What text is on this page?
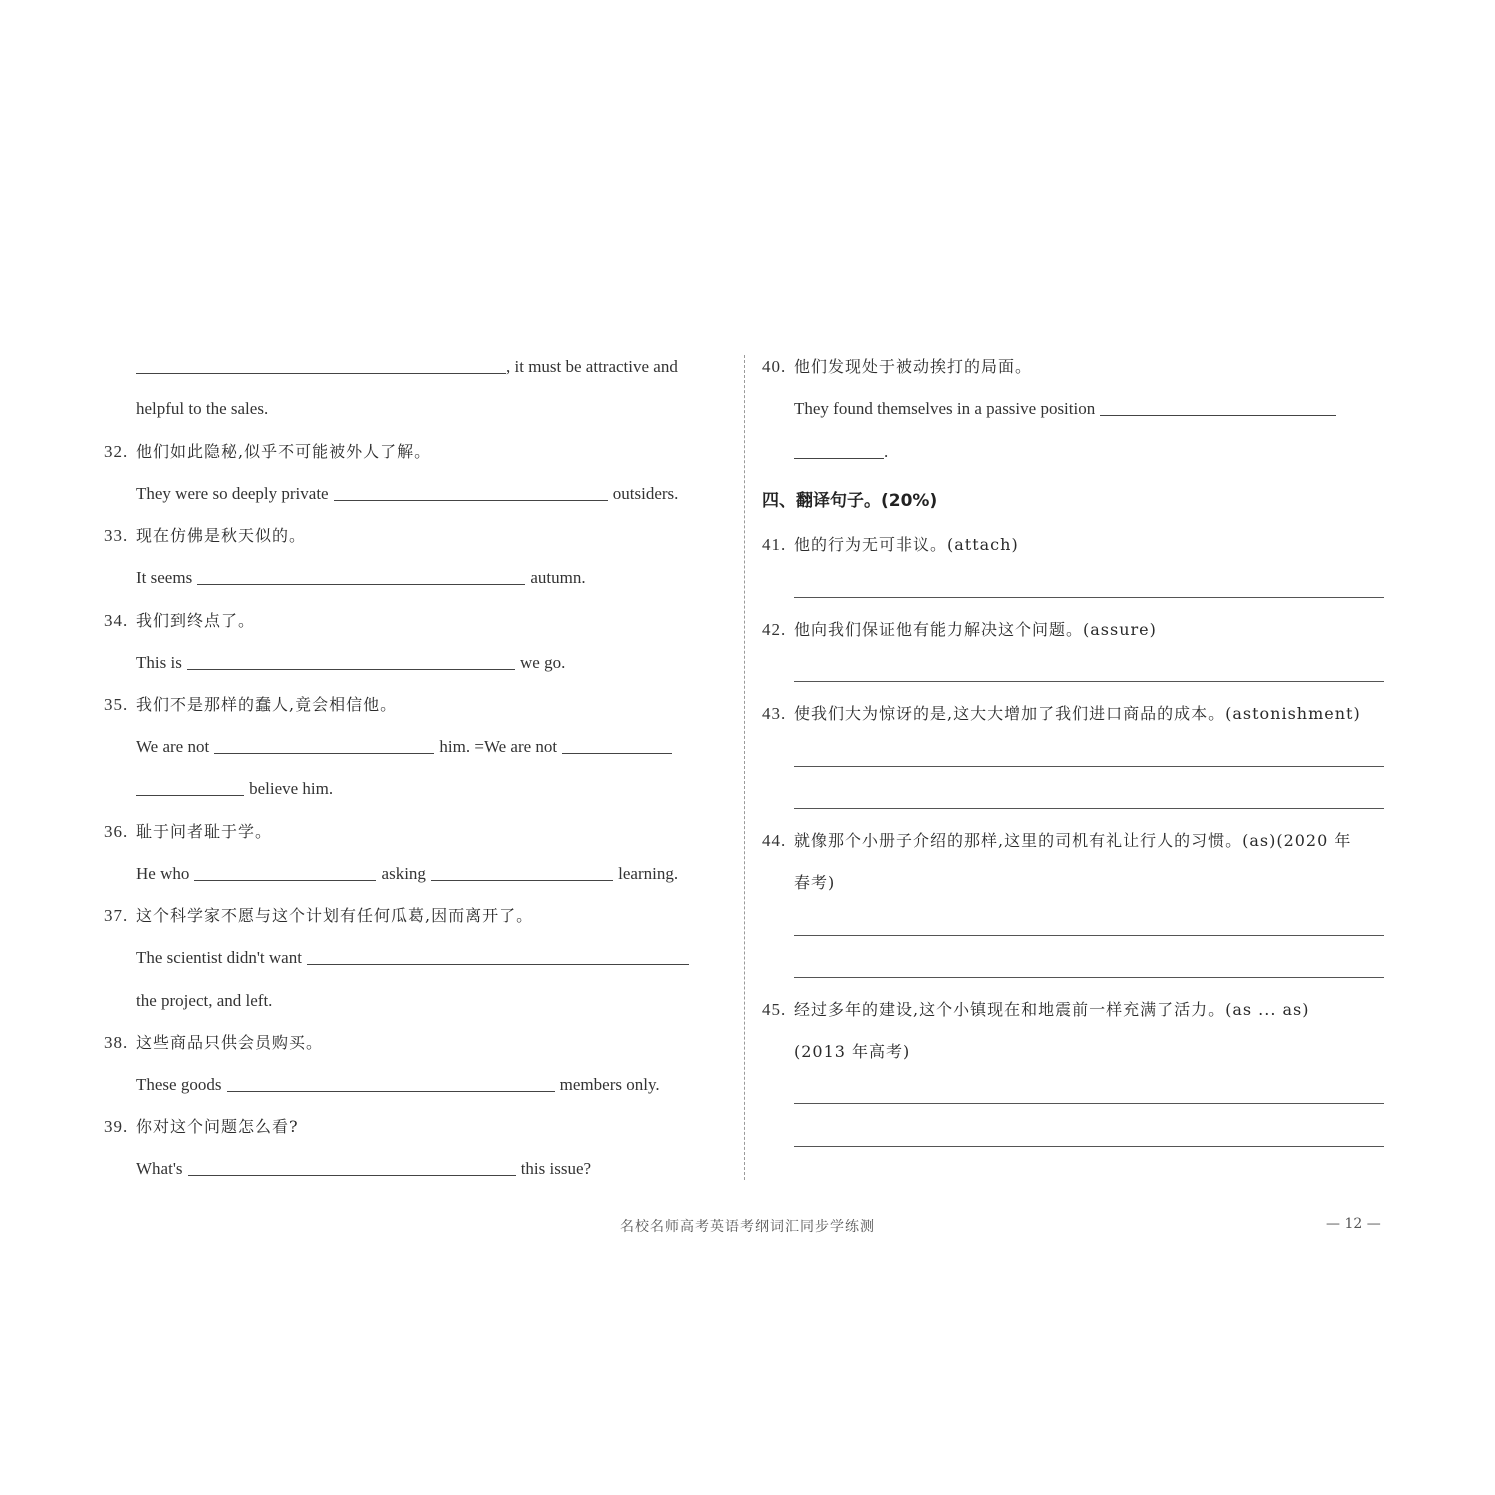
, it must be attractive and
helpful to the sales.
32. 他们如此隐秘,似乎不可能被外人了解。
They were so deeply private	outsiders.
33. 现在仿佛是秋天似的。
It seems	autumn.
34. 我们到终点了。
This is	we go.
35. 我们不是那样的蠢人,竟会相信他。
We are not	him. =We are not
believe him.
36. 耻于问者耻于学。
He who	asking	learning.
37. 这个科学家不愿与这个计划有任何瓜葛,因而离开了。
The scientist didn't want
the project, and left.
38. 这些商品只供会员购买。
These goods	members only.
39. 你对这个问题怎么看?
What's	this issue?
40. 他们发现处于被动挨打的局面。
They found themselves in a passive position
.
四、翻译句子。(20%)
41. 他的行为无可非议。(attach)
42. 他向我们保证他有能力解决这个问题。(assure)
43. 使我们大为惊讶的是,这大大增加了我们进口商品的成本。(astonishment)
44. 就像那个小册子介绍的那样,这里的司机有礼让行人的习惯。(as)(2020 年
春考)
45. 经过多年的建设,这个小镇现在和地震前一样充满了活力。(as ... as)
(2013 年高考)
名校名师高考英语考纲词汇同步学练测	— 12 —
